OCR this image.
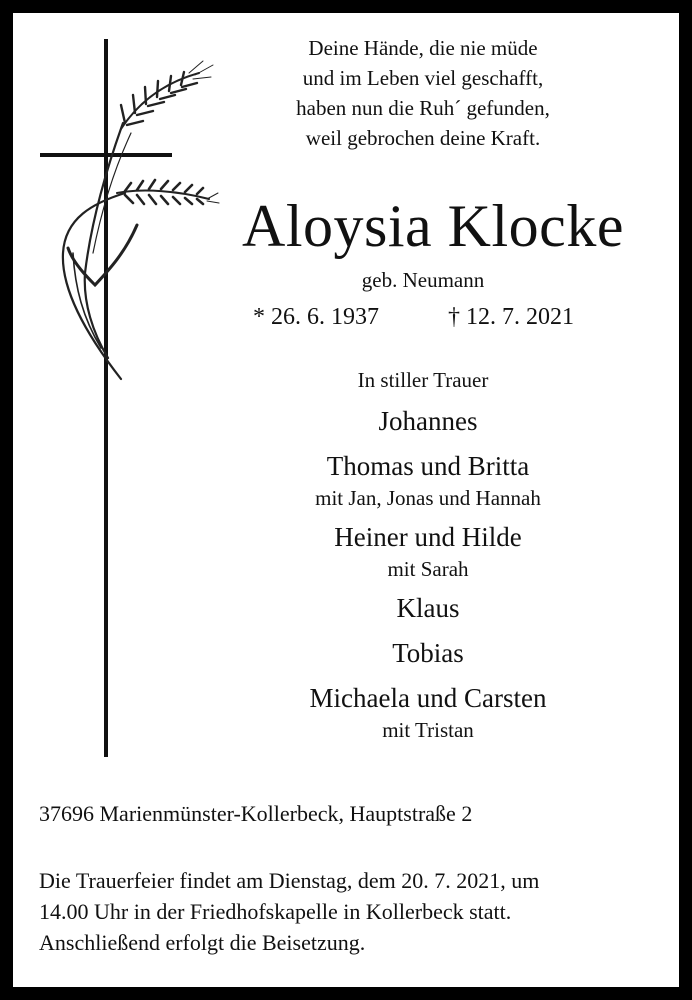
Deine Hände, die nie müde
und im Leben viel geschafft,
haben nun die Ruh´ gefunden,
weil gebrochen deine Kraft.
Aloysia Klocke
geb. Neumann
* 26. 6. 1937	† 12. 7. 2021
In stiller Trauer
Johannes
Thomas und Britta
mit Jan, Jonas und Hannah
Heiner und Hilde
mit Sarah
Klaus
Tobias
Michaela und Carsten
mit Tristan
37696 Marienmünster-Kollerbeck, Hauptstraße 2
Die Trauerfeier findet am Dienstag, dem 20. 7. 2021, um
14.00 Uhr in der Friedhofskapelle in Kollerbeck statt.
Anschließend erfolgt die Beisetzung.
